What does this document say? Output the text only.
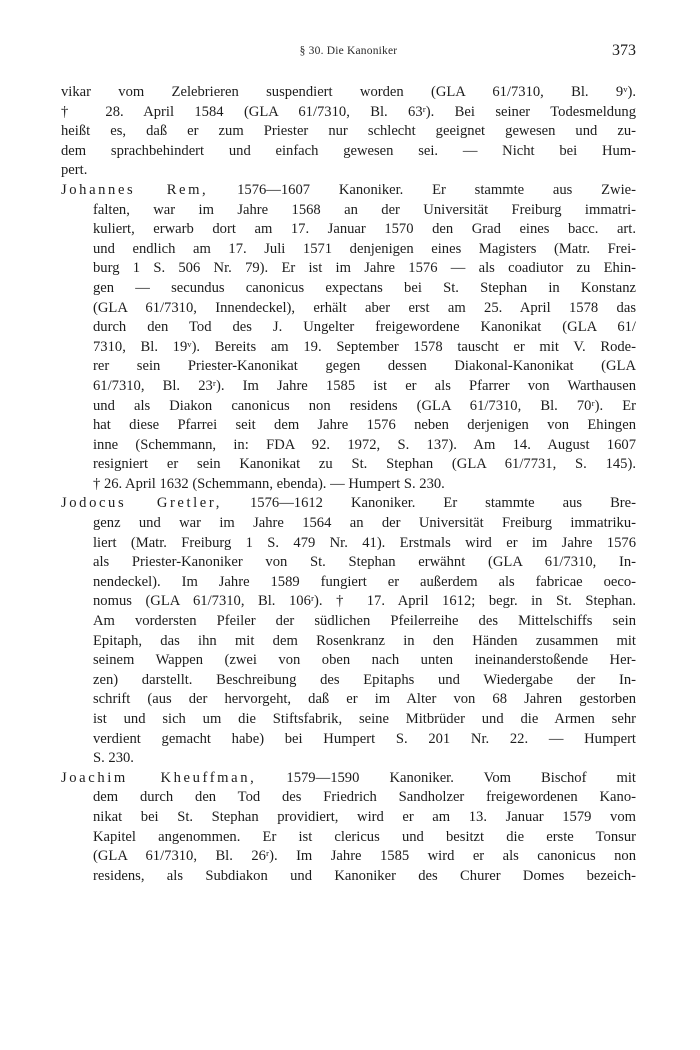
§ 30. Die Kanoniker	373
vikar vom Zelebrieren suspendiert worden (GLA 61/7310, Bl. 9ᵛ).
† 28. April 1584 (GLA 61/7310, Bl. 63ʳ). Bei seiner Todesmeldung
heißt es, daß er zum Priester nur schlecht geeignet gewesen und zu-
dem sprachbehindert und einfach gewesen sei. — Nicht bei Hum-
pert.
Johannes Rem, 1576—1607 Kanoniker. Er stammte aus Zwie-
falten, war im Jahre 1568 an der Universität Freiburg immatri-
kuliert, erwarb dort am 17. Januar 1570 den Grad eines bacc. art.
und endlich am 17. Juli 1571 denjenigen eines Magisters (Matr. Frei-
burg 1 S. 506 Nr. 79). Er ist im Jahre 1576 — als coadiutor zu Ehin-
gen — secundus canonicus expectans bei St. Stephan in Konstanz
(GLA 61/7310, Innendeckel), erhält aber erst am 25. April 1578 das
durch den Tod des J. Ungelter freigewordene Kanonikat (GLA 61/
7310, Bl. 19ᵛ). Bereits am 19. September 1578 tauscht er mit V. Rode-
rer sein Priester-Kanonikat gegen dessen Diakonal-Kanonikat (GLA
61/7310, Bl. 23ʳ). Im Jahre 1585 ist er als Pfarrer von Warthausen
und als Diakon canonicus non residens (GLA 61/7310, Bl. 70ʳ). Er
hat diese Pfarrei seit dem Jahre 1576 neben derjenigen von Ehingen
inne (Schemmann, in: FDA 92. 1972, S. 137). Am 14. August 1607
resigniert er sein Kanonikat zu St. Stephan (GLA 61/7731, S. 145).
† 26. April 1632 (Schemmann, ebenda). — Humpert S. 230.
Jodocus Gretler, 1576—1612 Kanoniker. Er stammte aus Bre-
genz und war im Jahre 1564 an der Universität Freiburg immatriku-
liert (Matr. Freiburg 1 S. 479 Nr. 41). Erstmals wird er im Jahre 1576
als Priester-Kanoniker von St. Stephan erwähnt (GLA 61/7310, In-
nendeckel). Im Jahre 1589 fungiert er außerdem als fabricae oeco-
nomus (GLA 61/7310, Bl. 106ʳ). † 17. April 1612; begr. in St. Stephan.
Am vordersten Pfeiler der südlichen Pfeilerreihe des Mittelschiffs sein
Epitaph, das ihn mit dem Rosenkranz in den Händen zusammen mit
seinem Wappen (zwei von oben nach unten ineinanderstoßende Her-
zen) darstellt. Beschreibung des Epitaphs und Wiedergabe der In-
schrift (aus der hervorgeht, daß er im Alter von 68 Jahren gestorben
ist und sich um die Stiftsfabrik, seine Mitbrüder und die Armen sehr
verdient gemacht habe) bei Humpert S. 201 Nr. 22. — Humpert
S. 230.
Joachim Kheuffman, 1579—1590 Kanoniker. Vom Bischof mit
dem durch den Tod des Friedrich Sandholzer freigewordenen Kano-
nikat bei St. Stephan providiert, wird er am 13. Januar 1579 vom
Kapitel angenommen. Er ist clericus und besitzt die erste Tonsur
(GLA 61/7310, Bl. 26ʳ). Im Jahre 1585 wird er als canonicus non
residens, als Subdiakon und Kanoniker des Churer Domes bezeich-
